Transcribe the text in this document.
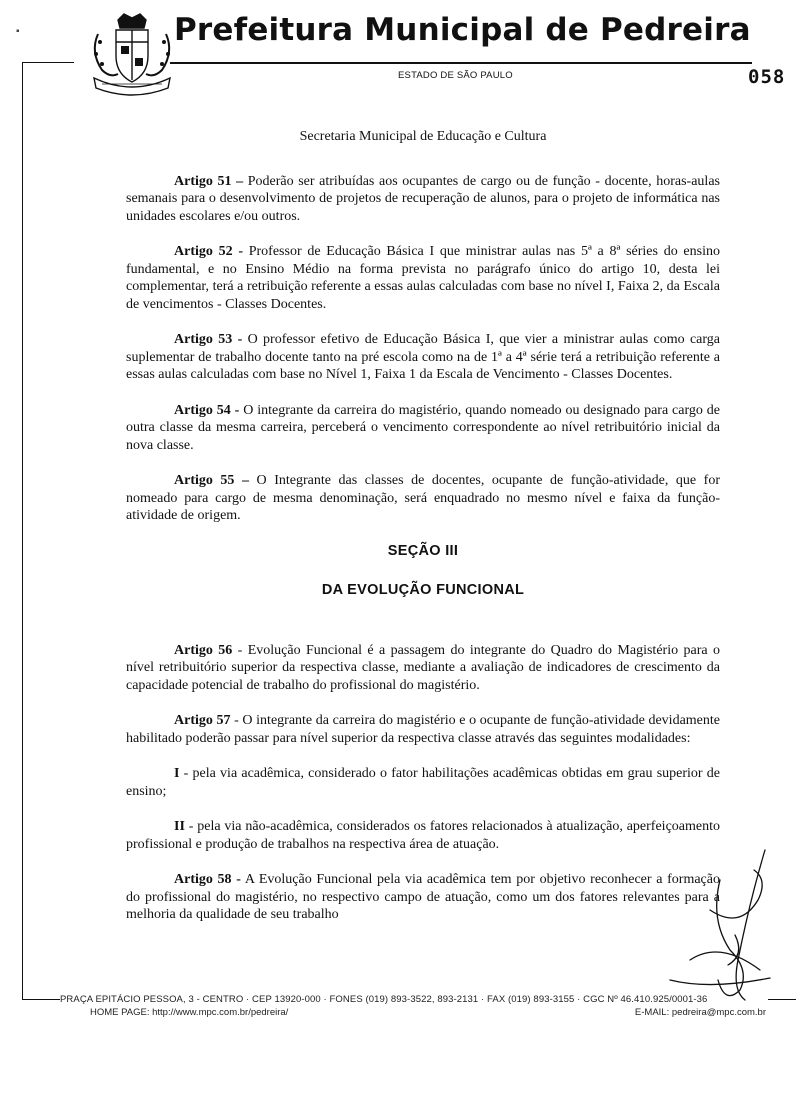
▪	Prefeitura Municipal de Pedreira
ESTADO DE SÃO PAULO	058

Secretaria Municipal de Educação e Cultura

Artigo 51 – Poderão ser atribuídas aos ocupantes de cargo ou de função - docente, horas-aulas semanais para o desenvolvimento de projetos de recuperação de alunos, para o projeto de informática nas unidades escolares e/ou outros.

Artigo 52 - Professor de Educação Básica I que ministrar aulas nas 5ª a 8ª séries do ensino fundamental, e no Ensino Médio na forma prevista no parágrafo único do artigo 10, desta lei complementar, terá a retribuição referente a essas aulas calculadas com base no nível I, Faixa 2, da Escala de vencimentos - Classes Docentes.

Artigo 53 - O professor efetivo de Educação Básica I, que vier a ministrar aulas como carga suplementar de trabalho docente tanto na pré escola como na de 1ª a 4ª série terá a retribuição referente a essas aulas calculadas com base no Nível 1, Faixa 1 da Escala de Vencimento - Classes Docentes.

Artigo 54 - O integrante da carreira do magistério, quando nomeado ou designado para cargo de outra classe da mesma carreira, perceberá o vencimento correspondente ao nível retribuitório inicial da nova classe.

Artigo 55 – O Integrante das classes de docentes, ocupante de função-atividade, que for nomeado para cargo de mesma denominação, será enquadrado no mesmo nível e faixa da função-atividade de origem.

SEÇÃO III

DA EVOLUÇÃO FUNCIONAL

Artigo 56 - Evolução Funcional é a passagem do integrante do Quadro do Magistério para o nível retribuitório superior da respectiva classe, mediante a avaliação de indicadores de crescimento da capacidade potencial de trabalho do profissional do magistério.

Artigo 57 - O integrante da carreira do magistério e o ocupante de função-atividade devidamente habilitado poderão passar para nível superior da respectiva classe através das seguintes modalidades:

I - pela via acadêmica, considerado o fator habilitações acadêmicas obtidas em grau superior de ensino;

II - pela via não-acadêmica, considerados os fatores relacionados à atualização, aperfeiçoamento profissional e produção de trabalhos na respectiva área de atuação.

Artigo 58 - A Evolução Funcional pela via acadêmica tem por objetivo reconhecer a formação do profissional do magistério, no respectivo campo de atuação, como um dos fatores relevantes para a melhoria da qualidade de seu trabalho

PRAÇA EPITÁCIO PESSOA, 3 - CENTRO · CEP 13920-000 · FONES (019) 893-3522, 893-2131 · FAX (019) 893-3155 · CGC Nº 46.410.925/0001-36
HOME PAGE: http://www.mpc.com.br/pedreira/	E-MAIL: pedreira@mpc.com.br
